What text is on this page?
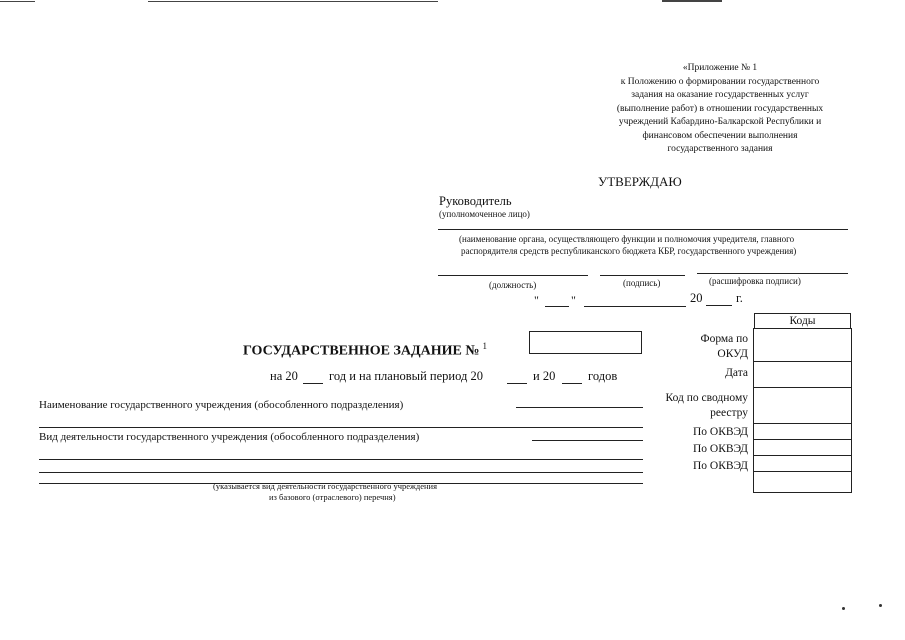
«Приложение № 1
к Положению о формировании государственного
задания на оказание государственных услуг
(выполнение работ) в отношении государственных
учреждений Кабардино-Балкарской Республики и
финансовом обеспечении выполнения
государственного задания
УТВЕРЖДАЮ
Руководитель
(уполномоченное лицо)
(наименование органа, осуществляющего функции и полномочия учредителя, главного
распорядителя средств республиканского бюджета КБР, государственного учреждения)
(должность)	(подпись)	(расшифровка подписи)
"	"	20	г.
ГОСУДАРСТВЕННОЕ ЗАДАНИЕ № $^1$
на 20 год и на плановый период 20	и 20	годов
Наименование государственного учреждения (обособленного подразделения)
Вид деятельности государственного учреждения (обособленного подразделения)
(указывается вид деятельности государственного учреждения
из базового (отраслевого) перечня)
Коды
Форма по
ОКУД
Дата
Код по сводному
реестру
По ОКВЭД
По ОКВЭД
По ОКВЭД
